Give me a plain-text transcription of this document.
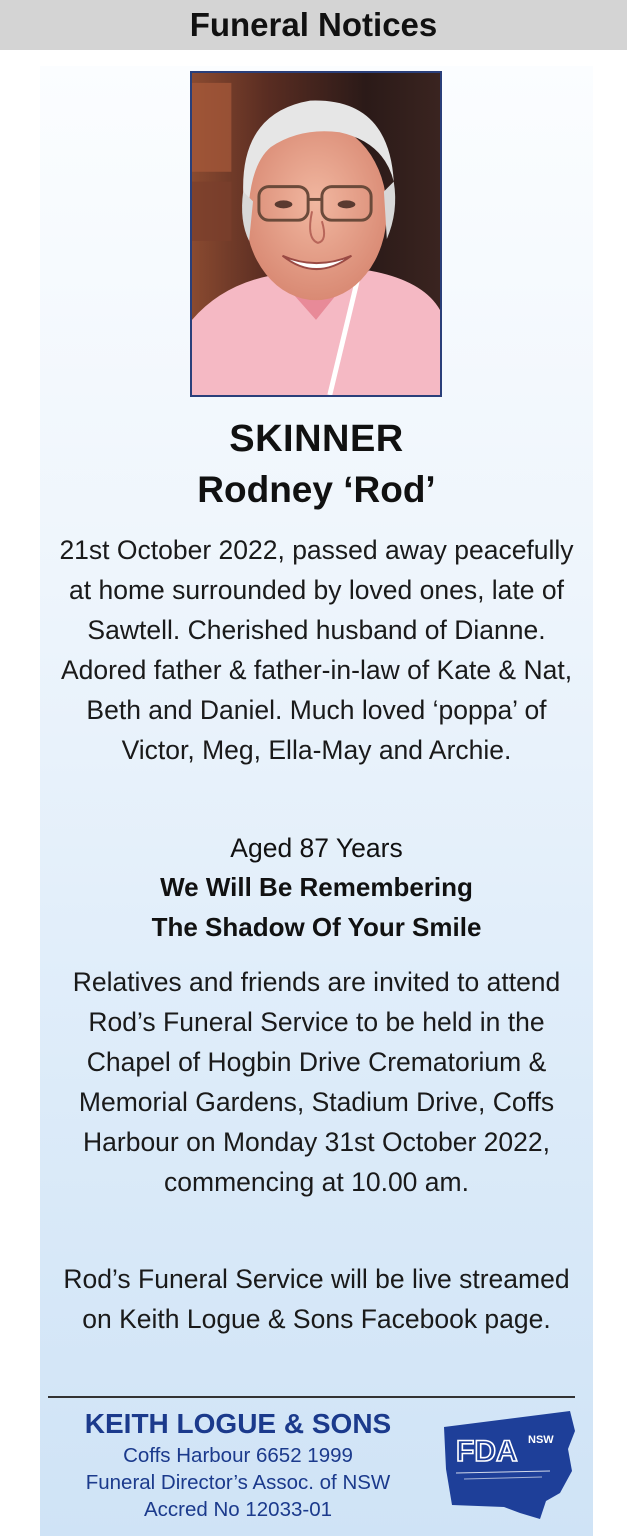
Funeral Notices
SKINNER
Rodney ‘Rod’

21st October 2022, passed away peacefully at home surrounded by loved ones, late of Sawtell. Cherished husband of Dianne. Adored father & father-in-law of Kate & Nat, Beth and Daniel. Much loved ‘poppa’ of Victor, Meg, Ella-May and Archie.

Aged 87 Years
We Will Be Remembering
The Shadow Of Your Smile

Relatives and friends are invited to attend Rod’s Funeral Service to be held in the Chapel of Hogbin Drive Crematorium & Memorial Gardens, Stadium Drive, Coffs Harbour on Monday 31st October 2022, commencing at 10.00 am.

Rod’s Funeral Service will be live streamed on Keith Logue & Sons Facebook page.

KEITH LOGUE & SONS
Coffs Harbour 6652 1999
Funeral Director’s Assoc. of NSW
Accred No 12033-01
FDA NSW
